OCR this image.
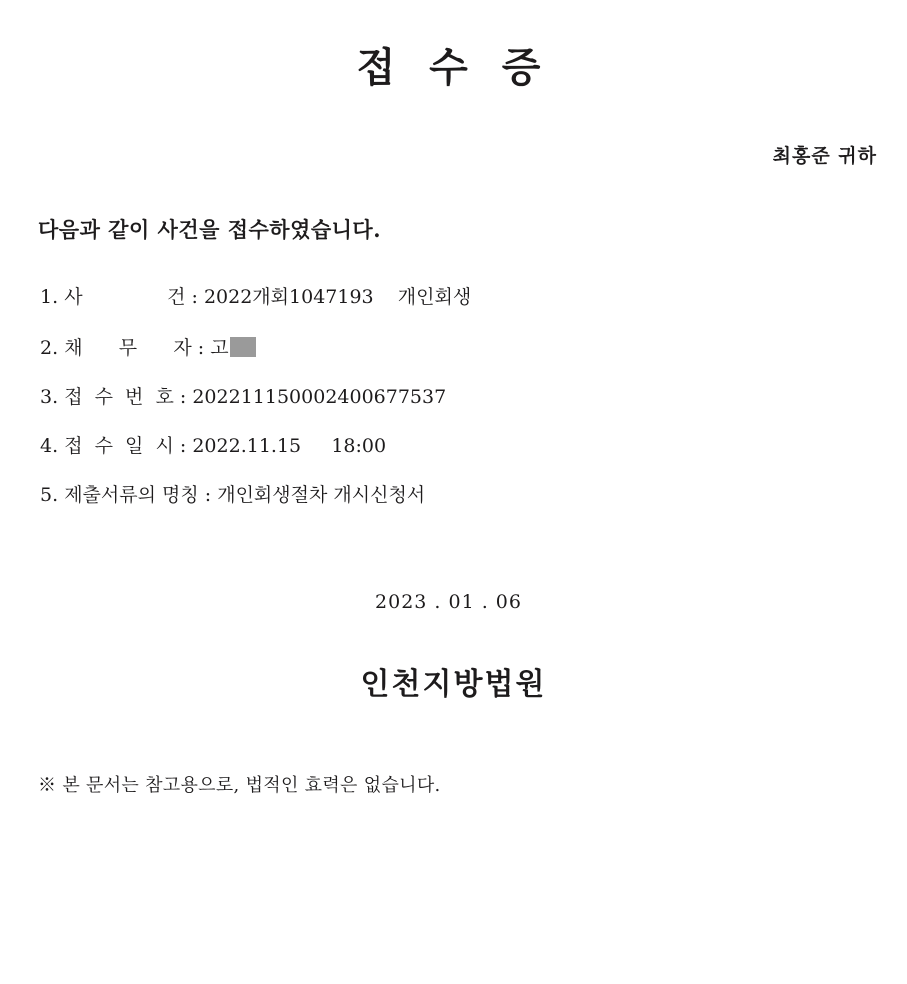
접 수 증

최홍준 귀하

다음과 같이 사건을 접수하였습니다.

1. 사              건 : 2022개회1047193    개인회생
2. 채      무      자 : 고
3. 접  수  번  호 : 202211150002400677537
4. 접  수  일  시 : 2022.11.15     18:00
5. 제출서류의 명칭 : 개인회생절차 개시신청서

2023 . 01 . 06

인천지방법원

※ 본 문서는 참고용으로, 법적인 효력은 없습니다.
